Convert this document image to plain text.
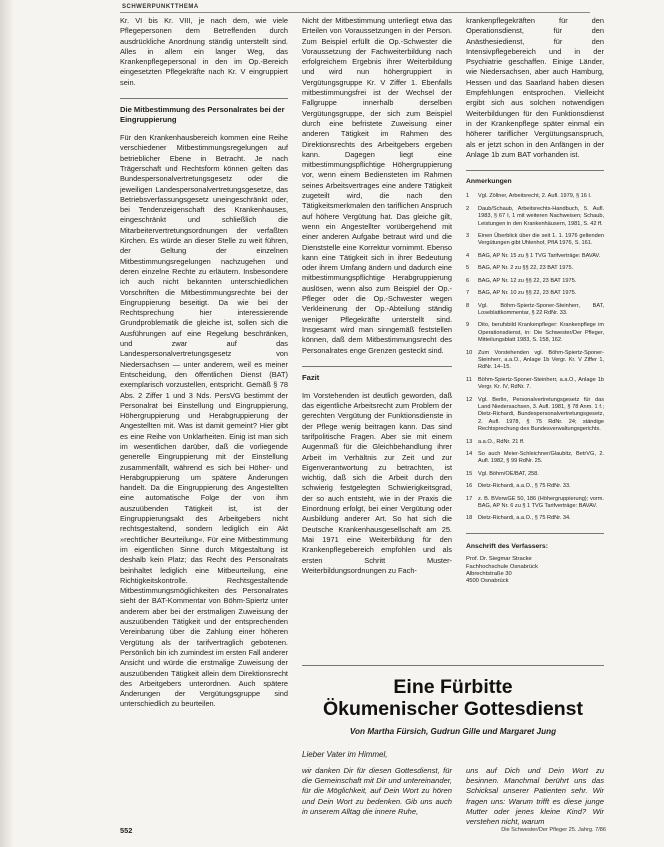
SCHWERPUNKTTHEMA

Kr. VI bis Kr. VIII, je nach dem, wie viele Pflegepersonen dem Betreffenden durch ausdrückliche Anordnung ständig unterstellt sind. Alles in allem ein langer Weg, das Krankenpflegepersonal in den im Op.-Bereich eingesetzten Pflegekräfte nach Kr. V eingruppiert sein.

Die Mitbestimmung des Personalrates bei der Eingruppierung

Für den Krankenhausbereich kommen eine Reihe verschiedener Mitbestimmungsregelungen auf betrieblicher Ebene in Betracht. Je nach Trägerschaft und Rechtsform können gelten das Bundespersonalvertretungsgesetz oder die jeweiligen Landespersonalvertretungsgesetze, das Betriebsverfassungsgesetz uneingeschränkt oder, bei Tendenzeigenschaft des Krankenhauses, eingeschränkt und schließlich die Mitarbeitervertretungsordnungen der verfaßten Kirchen. Es würde an dieser Stelle zu weit führen, der Geltung der einzelnen Mitbestimmungsregelungen nachzugehen und deren einzelne Rechte zu erläutern. Insbesondere ich auch nicht bekannten unterschiedlichen Vorschriften die Mitbestimmungsrechte bei der Eingruppierung beseitigt. Da wie bei der Rechtsprechung hier interessierende Grundproblematik die gleiche ist, sollen sich die Ausführungen auf eine Regelung beschränken, und zwar auf das Landespersonalvertretungsgesetz von Niedersachsen — unter anderem, weil es meiner Entscheidung, den öffentlichen Dienst (BAT) exemplarisch vorzustellen, entspricht. Gemäß § 78 Abs. 2 Ziffer 1 und 3 Nds. PersVG bestimmt der Personalrat bei Einstellung und Eingruppierung, Höhergruppierung und Herabgruppierung der Angestellten mit. Was ist damit gemeint? Hier gibt es eine Reihe von Unklarheiten. Einig ist man sich im wesentlichen darüber, daß die vorliegende generelle Eingruppierung mit der Einstellung zusammenfällt, während es sich bei Höher- und Herabgruppierung um spätere Änderungen handelt. Da die Eingruppierung des Angestellten eine automatische Folge der von ihm auszuübenden Tätigkeit ist, ist der Eingruppierungsakt des Arbeitgebers nicht rechtsgestaltend, sondern lediglich ein Akt »rechtlicher Beurteilung«. Für eine Mitbestimmung im eigentlichen Sinne durch Mitgestaltung ist deshalb kein Platz; das Recht des Personalrats beinhaltet lediglich eine Mitbeurteilung, eine Richtigkeitskontrolle. Rechtsgestaltende Mitbestimmungsmöglichkeiten des Personalrates sieht der BAT-Kommentar von Böhm-Spiertz unter anderem aber bei der erstmaligen Zuweisung der auszuübenden Tätigkeit und der entsprechenden Vereinbarung über die Zahlung einer höheren Vergütung als der tarifvertraglich gebotenen. Persönlich bin ich zumindest im ersten Fall anderer Ansicht und würde die erstmalige Zuweisung der auszuübenden Tätigkeit allein dem Direktionsrecht des Arbeitgebers unterordnen. Auch spätere Änderungen der Vergütungsgruppe sind unterschiedlich zu beurteilen.

Nicht der Mitbestimmung unterliegt etwa das Erteilen von Voraussetzungen in der Person. Zum Beispiel erfüllt die Op.-Schwester die Voraussetzung der Fachweiterbildung nach erfolgreichem Ergebnis ihrer Weiterbildung und wird nun höhergruppiert in Vergütungsgruppe Kr. V Ziffer 1. Ebenfalls mitbestimmungsfrei ist der Wechsel der Fallgruppe innerhalb derselben Vergütungsgruppe, der sich zum Beispiel durch eine befristete Zuweisung einer anderen Tätigkeit im Rahmen des Direktionsrechts des Arbeitgebers ergeben kann. Dagegen liegt eine mitbestimmungspflichtige Höhergruppierung vor, wenn einem Bediensteten im Rahmen seines Arbeitsvertrages eine andere Tätigkeit zugeteilt wird, die nach den Tätigkeitsmerkmalen den tariflichen Anspruch auf höhere Vergütung hat. Das gleiche gilt, wenn ein Angestellter vorübergehend mit einer anderen Aufgabe betraut wird und die Dienststelle eine Korrektur vornimmt. Ebenso kann eine Tätigkeit sich in ihrer Bedeutung oder ihrem Umfang ändern und dadurch eine mitbestimmungspflichtige Herabgruppierung auslösen, wenn also zum Beispiel der Op.-Pfleger oder die Op.-Schwester wegen Verkleinerung der Op.-Abteilung ständig weniger Pflegekräfte unterstellt sind. Insgesamt wird man sinngemäß feststellen können, daß dem Mitbestimmungsrecht des Personalrates enge Grenzen gesteckt sind.

Fazit

Im Vorstehenden ist deutlich geworden, daß das eigentliche Arbeitsrecht zum Problem der gerechten Vergütung der Funktionsdienste in der Pflege wenig beitragen kann. Das sind tarifpolitische Fragen. Aber sie mit einem Augenmaß für die Gleichbehandlung ihrer Arbeit im Verhältnis zur Zeit und zur Eigenverantwortung zu betrachten, ist wichtig, daß sich die Arbeit durch den schwierig festgelegten Schwierigkeitsgrad, der so auch entsteht, wie in der Praxis die Einordnung erfolgt, bei einer Vergütung oder Ausbildung anderer Art. So hat sich die Deutsche Krankenhausgesellschaft am 25. Mai 1971 eine Weiterbildung für den Krankenpflegebereich empfohlen und als ersten Schritt Muster-Weiterbildungsordnungen zu Fach-

krankenpflegekräften für den Operationsdienst, für den Anästhesiedienst, für den Intensivpflegebereich und in der Psychiatrie geschaffen. Einige Länder, wie Niedersachsen, aber auch Hamburg, Hessen und das Saarland haben diesen Empfehlungen entsprochen. Vielleicht ergibt sich aus solchen notwendigen Weiterbildungen für den Funktionsdienst in der Krankenpflege später einmal ein höherer tariflicher Vergütungsanspruch, als er jetzt schon in den Anfängen in der Anlage 1b zum BAT vorhanden ist.

Anmerkungen
1	Vgl. Zöllner, Arbeitsrecht, 2. Aufl. 1979, § 16 I.
2	Daub/Schaub, Arbeitsrechts-Handbuch, 5. Aufl. 1983, § 67 I, 1 mit weiteren Nachweisen; Schaub, Leistungen in den Krankenhäusern, 1981, S. 42 ff.
3	Einen Überblick über die seit 1. 1. 1976 geltenden Vergütungen gibt Uhlenhof, PfIA 1976, S. 161.
4	BAG, AP Nr. 15 zu § 1 TVG Tarifverträge: BAVAV.
5	BAG, AP Nr. 2 zu §§ 22, 23 BAT 1975.
6	BAG, AP Nr. 12 zu §§ 22, 23 BAT 1975.
7	BAG, AP Nr. 10 zu §§ 22, 23 BAT 1975.
8	Vgl. Böhm-Spiertz-Sponer-Steinherr, BAT, Loseblattkommentar, § 22 RdNr. 33.
9	Dito, berufsbild Krankenpfleger: Krankenpflege im Operationsdienst, in: Die Schwester/Der Pfleger, Mitteilungsblatt 1983, S. 158, 162.
10	Zum Vorstehenden vgl. Böhm-Spiertz-Sponer-Steinherr, a.a.O., Anlage 1b Vergr. Kr. V Ziffer 1, RdNr. 14–15.
11	Böhm-Spiertz-Sponer-Steinherr, a.a.O., Anlage 1b Vergr. Kr. IV, RdNr. 7.
12	Vgl. Berlin, Personalvertretungsgesetz für das Land Niedersachsen, 3. Aufl. 1981, § 78 Anm. 1 f.; Dietz-Richardi, Bundespersonalvertretungsgesetz, 2. Aufl. 1978, § 75 RdNr. 24; ständige Rechtsprechung des Bundesverwaltungsgerichts.
13	a.a.O., RdNr. 21 ff.
14	So auch Meier-Schleichner/Glaubitz, BetrVG, 2. Aufl. 1982, § 99 RdNr. 25.
15	Vgl. Böhm/OE/BAT, 258.
16	Dietz-Richardi, a.a.O., § 75 RdNr. 33.
17	z. B. BVerwGE 50, 186 (Höhergruppierung); vorm. BAG, AP Nr. 6 zu § 1 TVG Tarifverträge: BAVAV.
18	Dietz-Richardi, a.a.O., § 75 RdNr. 34.
Anschrift des Verfassers:

Prof. Dr. Siegmar Stracke

Fachhochschule Osnabrück

Albrechtstraße 30

4500 Osnabrück

Eine Fürbitte
Ökumenischer Gottesdienst
Von Martha Fürsich, Gudrun Gille und Margaret Jung
Lieber Vater im Himmel,
wir danken Dir für diesen Gottesdienst, für die Gemeinschaft mit Dir und untereinander, für die Möglichkeit, auf Dein Wort zu hören und Dein Wort zu bedenken. Gib uns auch in unserem Alltag die innere Ruhe,
uns auf Dich und Dein Wort zu besinnen. Manchmal berührt uns das Schicksal unserer Patienten sehr. Wir fragen uns: Warum trifft es diese junge Mutter oder jenes kleine Kind? Wir verstehen nicht, warum
552	Die Schwester/Der Pfleger 25. Jahrg. 7/86
